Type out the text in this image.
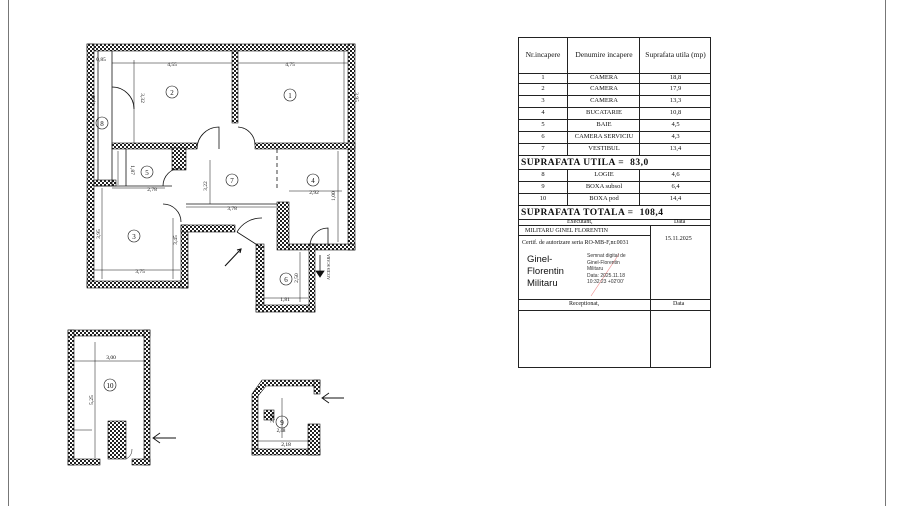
1
2
3
4
5
6
7
8
4,55	4,75
0,85
3,32	3,95
1,87
2,78	3,22
3,78
2,92 1,00
3,95
3,45
3,75
2,50
1,81
1,60
ACCES SCARA
10
3,00
5,25
9
2,88
2,48
2,18
Nr.incapere	Denumire incapere	Suprafata utila (mp)
1	CAMERA	18,8
2	CAMERA	17,9
3	CAMERA	13,3
4	BUCATARIE	10,8
5	BAIE	4,5
6	CAMERA SERVICIU	4,3
7	VESTIBUL	13,4
SUPRAFATA UTILA = 83,0
8	LOGIE	4,6
9	BOXA subsol	6,4
10	BOXA pod	14,4
SUPRAFATA TOTALA = 108,4
Executant,	Data
MILITARU GINEL FLORENTIN
Certif. de autorizare seria RO-MB-F,nr.0031
Ginel-
Florentin
Militaru
Semnat digital de
Ginel-Florentin
Militaru
Data: 2025.11.18
10:32:23 +02'00'
15.11.2025
Receptionat,	Data
